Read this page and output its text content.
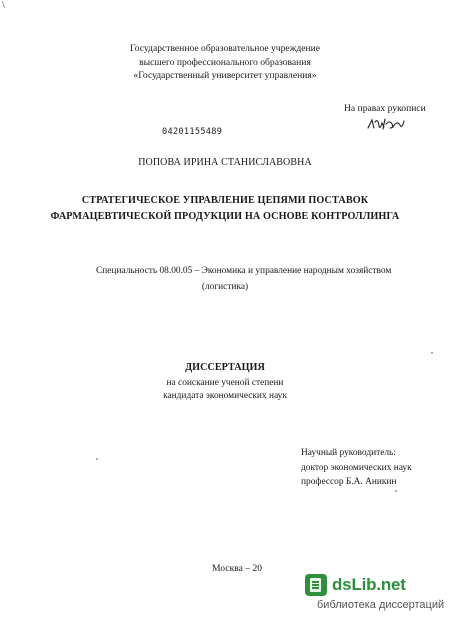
\
Государственное образовательное учреждение
высшего профессионального образования
«Государственный университет управления»
На правах рукописи
04201155489
ПОПОВА ИРИНА СТАНИСЛАВОВНА
СТРАТЕГИЧЕСКОЕ УПРАВЛЕНИЕ ЦЕПЯМИ ПОСТАВОК
ФАРМАЦЕВТИЧЕСКОЙ ПРОДУКЦИИ НА ОСНОВЕ КОНТРОЛЛИНГА
Специальность 08.00.05 – Экономика и управление народным хозяйством
(логистика)
ДИССЕРТАЦИЯ
на соискание ученой степени
кандидата экономических наук
Научный руководитель:
доктор экономических наук
профессор Б.А. Аникин
Москва – 20
dsLib.net
библиотека диссертаций
